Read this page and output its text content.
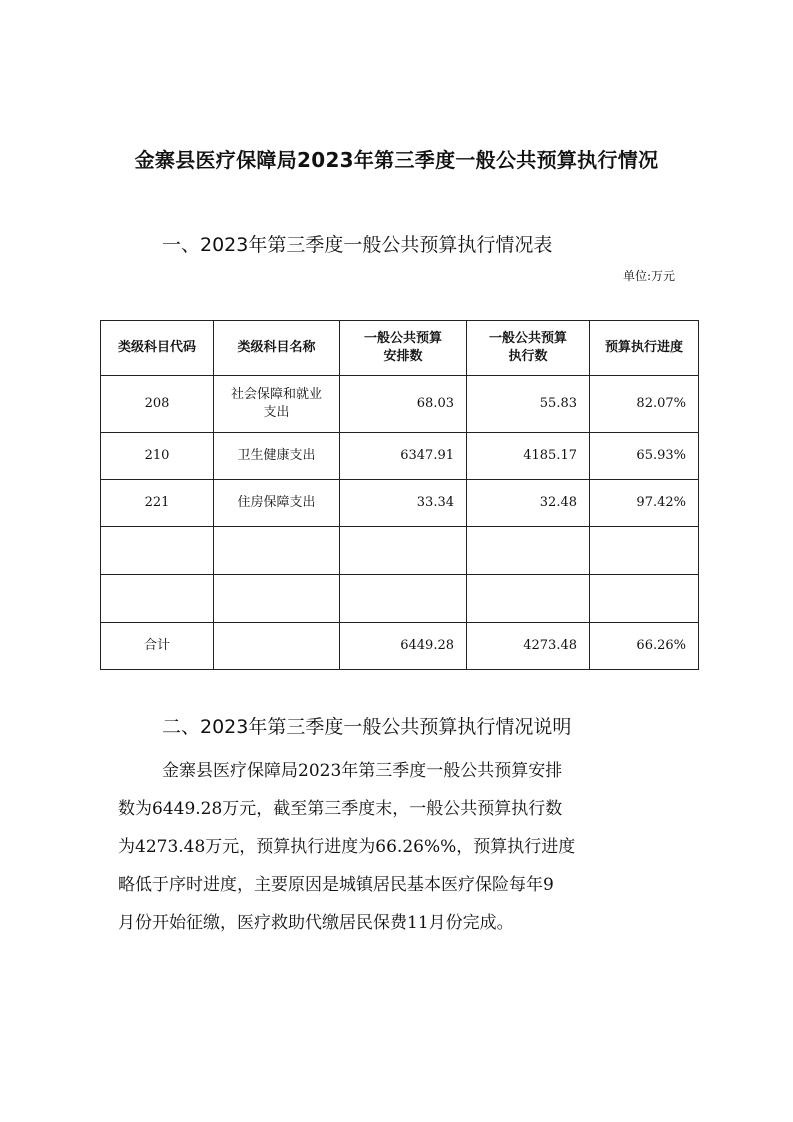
金寨县医疗保障局2023年第三季度一般公共预算执行情况
一、2023年第三季度一般公共预算执行情况表
单位:万元
类级科目代码	类级科目名称	一般公共预算安排数	一般公共预算执行数	预算执行进度
208	社会保障和就业支出	68.03	55.83	82.07%
210	卫生健康支出	6347.91	4185.17	65.93%
221	住房保障支出	33.34	32.48	97.42%

合计		6449.28	4273.48	66.26%
二、2023年第三季度一般公共预算执行情况说明
金寨县医疗保障局2023年第三季度一般公共预算安排
数为6449.28万元，截至第三季度末，一般公共预算执行数
为4273.48万元，预算执行进度为66.26%%，预算执行进度
略低于序时进度，主要原因是城镇居民基本医疗保险每年9
月份开始征缴，医疗救助代缴居民保费11月份完成。
